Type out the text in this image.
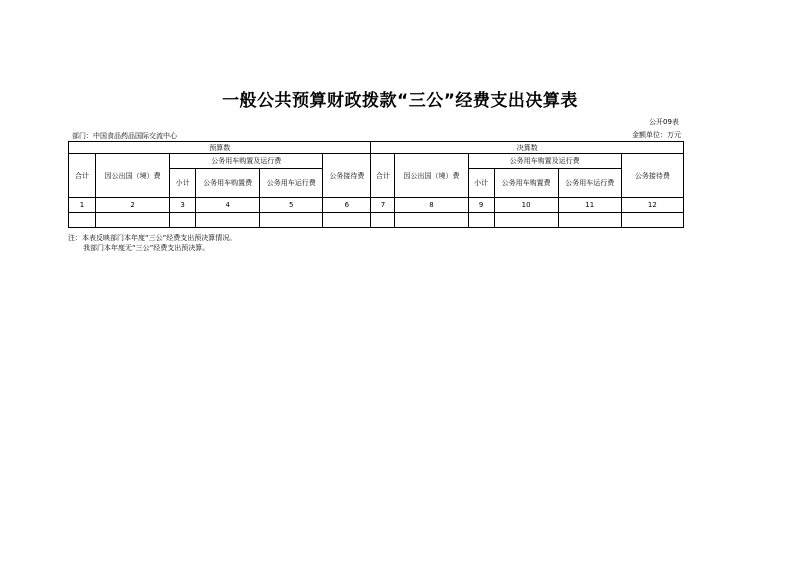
一般公共预算财政拨款“三公”经费支出决算表
公开09表
部门：中国食品药品国际交流中心	金额单位：万元
预算数						决算数					
合计	因公出国（境）费	公务用车购置及运行费			公务接待费	合计	因公出国（境）费	公务用车购置及运行费			公务接待费
		小计	公务用车购置费	公务用车运行费				小计	公务用车购置费	公务用车运行费	
1	2	3	4	5	6	7	8	9	10	11	12

注：本表反映部门本年度“三公”经费支出预决算情况。
我部门本年度无“三公”经费支出预决算。
